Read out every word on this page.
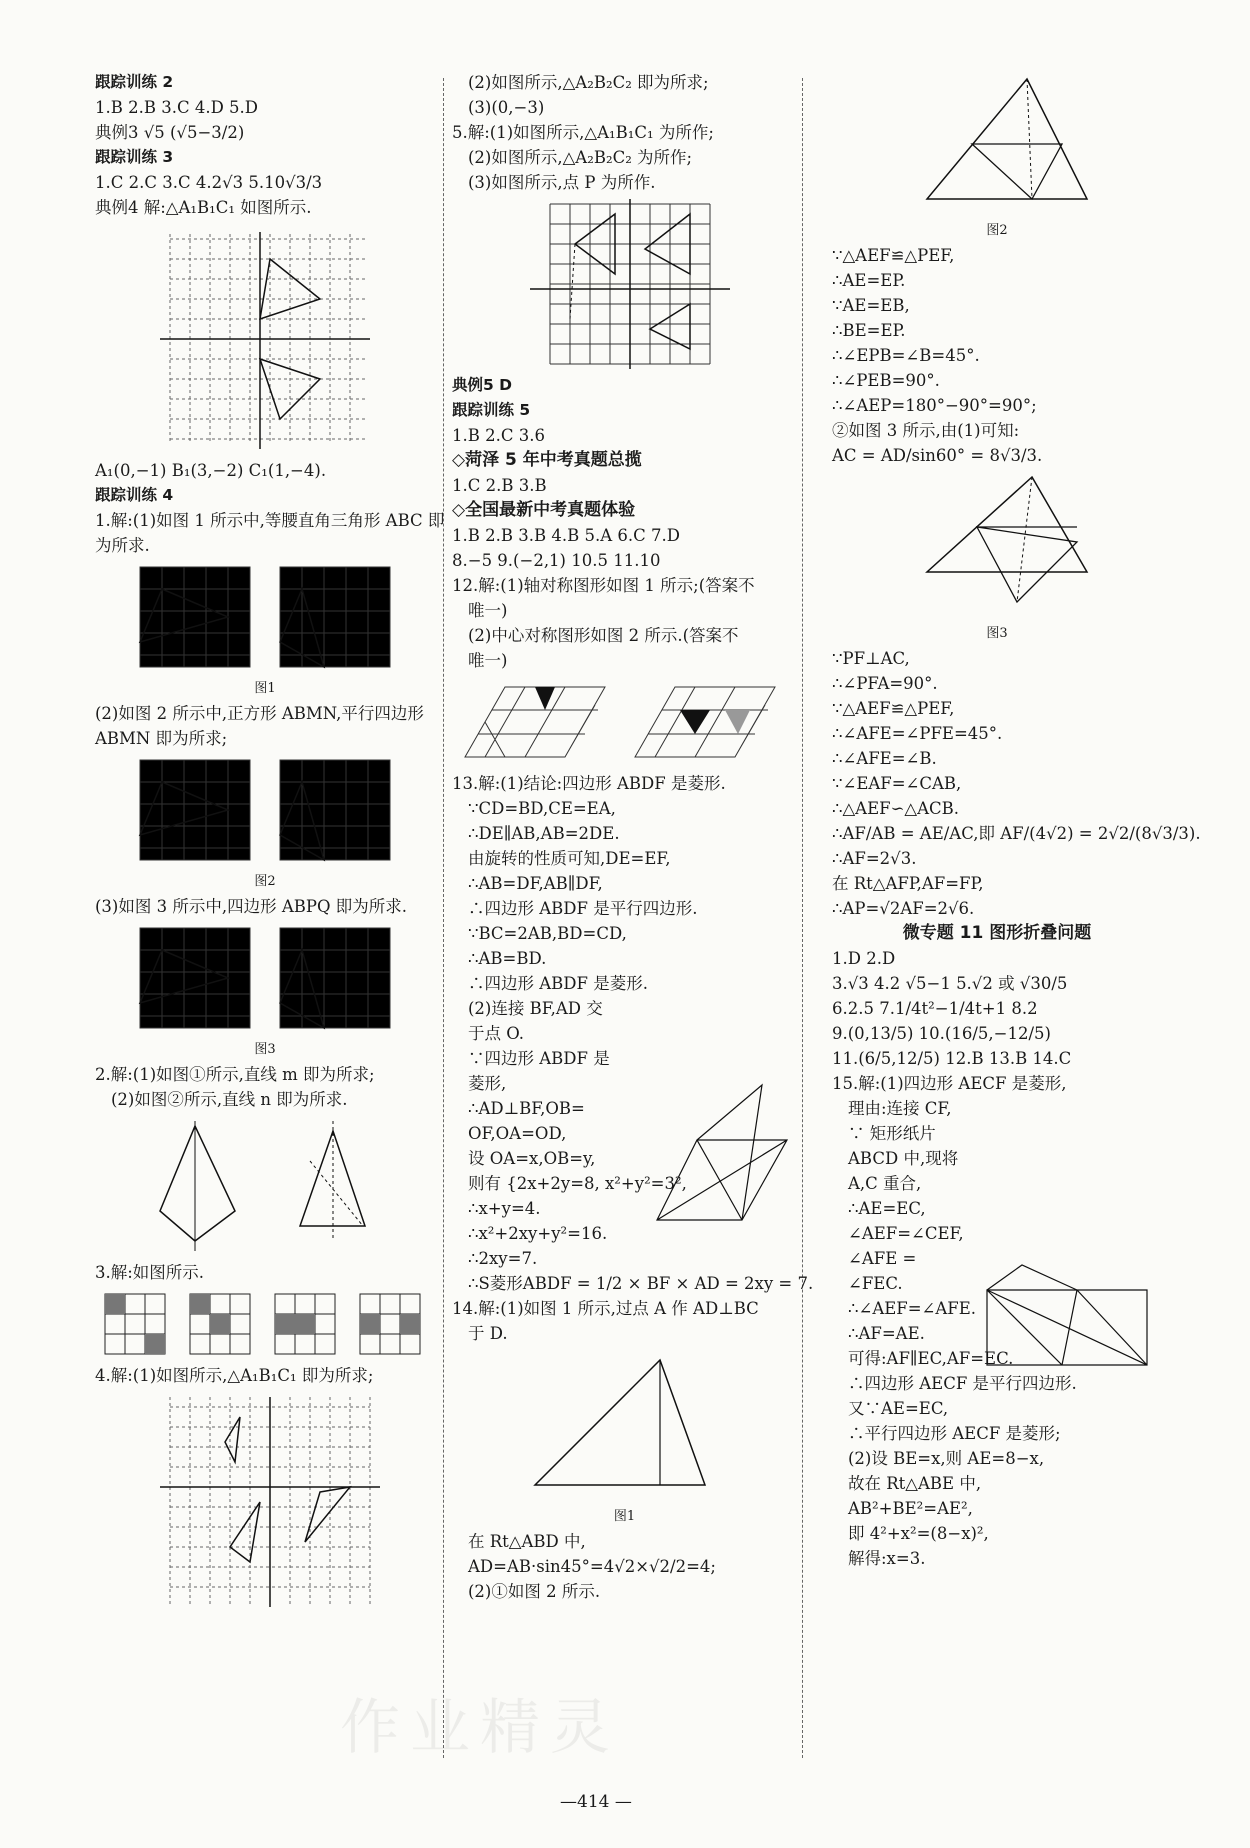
跟踪训练 2
1.B 2.B 3.C 4.D 5.D
典例3 √5 (√5−3/2)
跟踪训练 3
1.C 2.C 3.C 4.2√3 5.10√3/3
典例4 解:△A₁B₁C₁ 如图所示.
A₁(0,−1) B₁(3,−2) C₁(1,−4).
跟踪训练 4
1.解:(1)如图 1 所示中,等腰直角三角形 ABC 即
为所求.
图1
(2)如图 2 所示中,正方形 ABMN,平行四边形
ABMN 即为所求;
图2
(3)如图 3 所示中,四边形 ABPQ 即为所求.
图3
2.解:(1)如图①所示,直线 m 即为所求;
(2)如图②所示,直线 n 即为所求.
3.解:如图所示.
4.解:(1)如图所示,△A₁B₁C₁ 即为所求;
(2)如图所示,△A₂B₂C₂ 即为所求;
(3)(0,−3)
5.解:(1)如图所示,△A₁B₁C₁ 为所作;
(2)如图所示,△A₂B₂C₂ 为所作;
(3)如图所示,点 P 为所作.
典例5 D
跟踪训练 5
1.B 2.C 3.6
◇菏泽 5 年中考真题总揽
1.C 2.B 3.B
◇全国最新中考真题体验
1.B 2.B 3.B 4.B 5.A 6.C 7.D
8.−5 9.(−2,1) 10.5 11.10
12.解:(1)轴对称图形如图 1 所示;(答案不
唯一)
(2)中心对称图形如图 2 所示.(答案不
唯一)
13.解:(1)结论:四边形 ABDF 是菱形.
∵CD=BD,CE=EA,
∴DE∥AB,AB=2DE.
由旋转的性质可知,DE=EF,
∴AB=DF,AB∥DF,
∴四边形 ABDF 是平行四边形.
∵BC=2AB,BD=CD,
∴AB=BD.
∴四边形 ABDF 是菱形.
(2)连接 BF,AD 交
于点 O.
∵四边形 ABDF 是
菱形,
∴AD⊥BF,OB=
OF,OA=OD,
设 OA=x,OB=y,
则有 {2x+2y=8, x²+y²=3²,
∴x+y=4.
∴x²+2xy+y²=16.
∴2xy=7.
∴S菱形ABDF = 1/2 × BF × AD = 2xy = 7.
14.解:(1)如图 1 所示,过点 A 作 AD⊥BC
于 D.
图1
在 Rt△ABD 中,
AD=AB·sin45°=4√2×√2/2=4;
(2)①如图 2 所示.
图2
∵△AEF≌△PEF,
∴AE=EP.
∵AE=EB,
∴BE=EP.
∴∠EPB=∠B=45°.
∴∠PEB=90°.
∴∠AEP=180°−90°=90°;
②如图 3 所示,由(1)可知:
AC = AD/sin60° = 8√3/3.
图3
∵PF⊥AC,
∴∠PFA=90°.
∵△AEF≌△PEF,
∴∠AFE=∠PFE=45°.
∴∠AFE=∠B.
∵∠EAF=∠CAB,
∴△AEF∽△ACB.
∴AF/AB = AE/AC,即 AF/(4√2) = 2√2/(8√3/3).
∴AF=2√3.
在 Rt△AFP,AF=FP,
∴AP=√2AF=2√6.
微专题 11 图形折叠问题
1.D 2.D
3.√3 4.2 √5−1 5.√2 或 √30/5
6.2.5 7.1/4t²−1/4t+1 8.2
9.(0,13/5) 10.(16/5,−12/5)
11.(6/5,12/5) 12.B 13.B 14.C
15.解:(1)四边形 AECF 是菱形,
理由:连接 CF,
∵ 矩形纸片
ABCD 中,现将
A,C 重合,
∴AE=EC,
∠AEF=∠CEF,
∠AFE =
∠FEC.
∴∠AEF=∠AFE.
∴AF=AE.
可得:AF∥EC,AF=EC.
∴四边形 AECF 是平行四边形.
又∵AE=EC,
∴平行四边形 AECF 是菱形;
(2)设 BE=x,则 AE=8−x,
故在 Rt△ABE 中,
AB²+BE²=AE²,
即 4²+x²=(8−x)²,
解得:x=3.
—414 —
作业精灵
